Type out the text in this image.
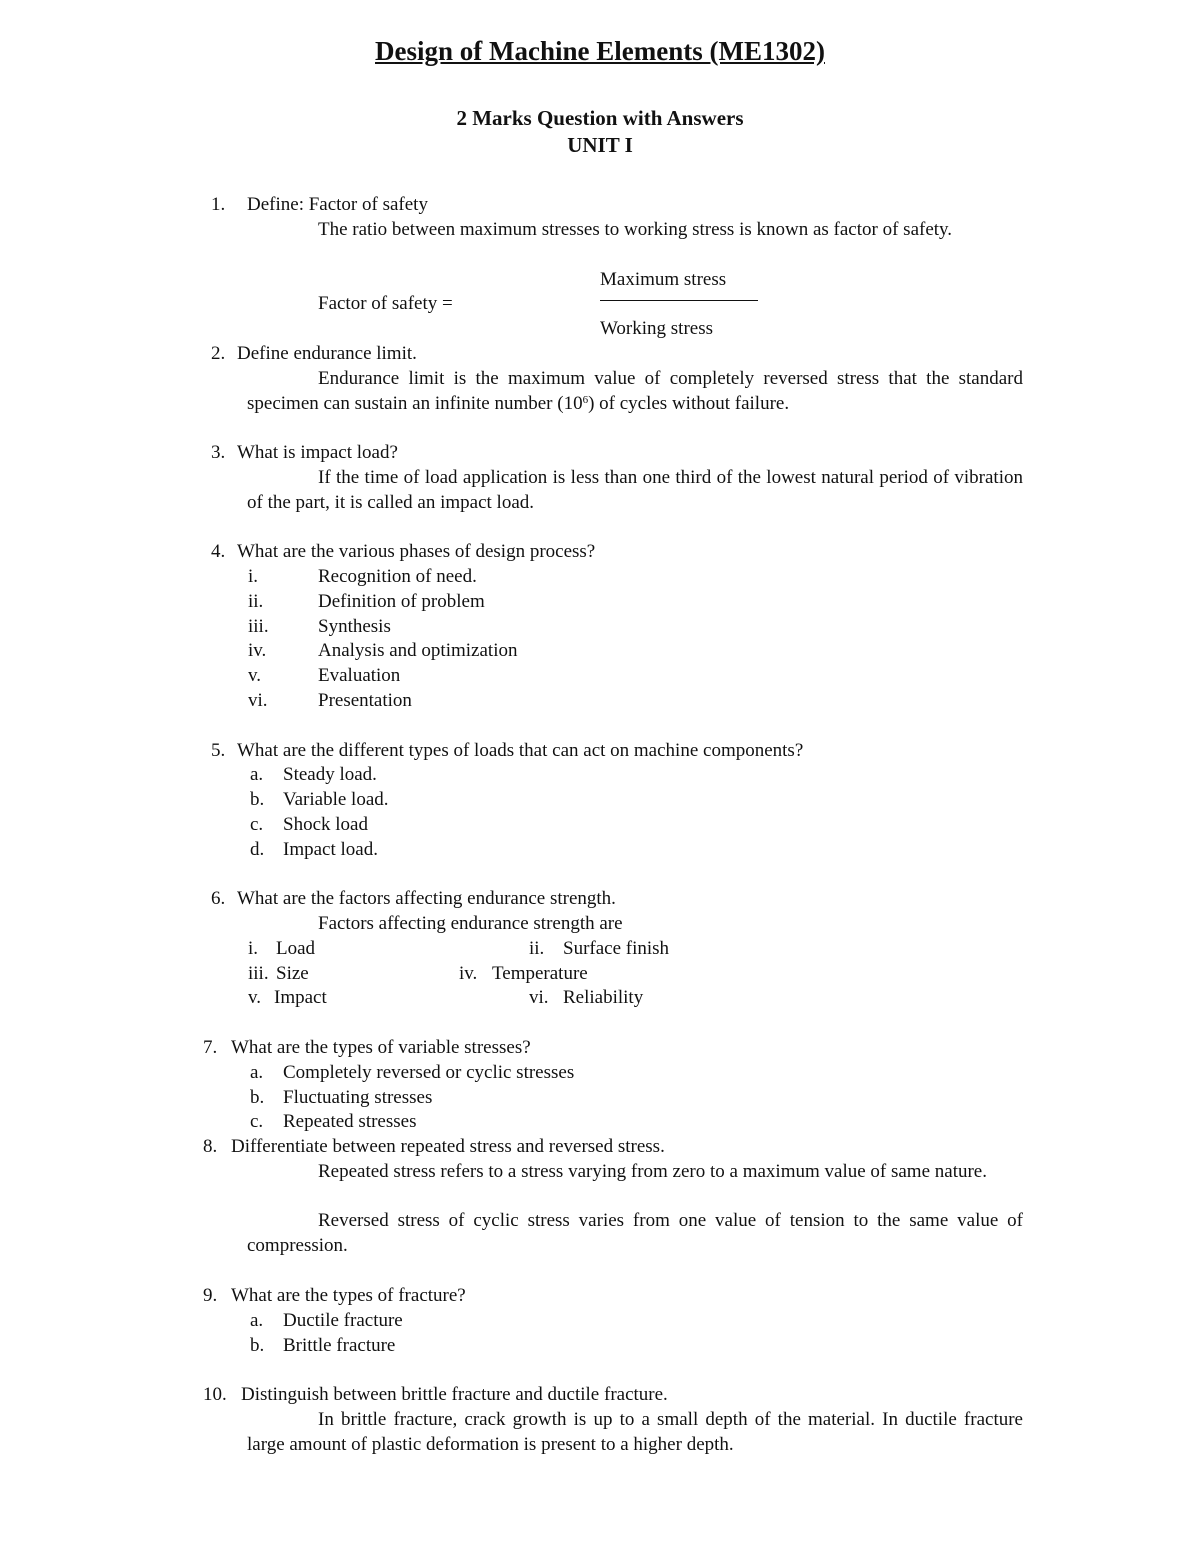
Design of Machine Elements (ME1302)
2 Marks Question with Answers
UNIT I
1. Define: Factor of safety
The ratio between maximum stresses to working stress is known as factor of safety.
Maximum stress
Factor of safety =
Working stress
2. Define endurance limit.
Endurance limit is the maximum value of completely reversed stress that the standard specimen can sustain an infinite number $(10^6)$ of cycles without failure.
3. What is impact load?
If the time of load application is less than one third of the lowest natural period of vibration of the part, it is called an impact load.
4. What are the various phases of design process?
i.	Recognition of need.
ii.	Definition of problem
iii.	Synthesis
iv.	Analysis and optimization
v.	Evaluation
vi.	Presentation
5. What are the different types of loads that can act on machine components?
a. Steady load.
b. Variable load.
c. Shock load
d. Impact load.
6. What are the factors affecting endurance strength.
Factors affecting endurance strength are
i. Load	ii. Surface finish
iii. Size	iv. Temperature
v. Impact	vi. Reliability
7. What are the types of variable stresses?
a. Completely reversed or cyclic stresses
b. Fluctuating stresses
c. Repeated stresses
8. Differentiate between repeated stress and reversed stress.
Repeated stress refers to a stress varying from zero to a maximum value of same nature.
Reversed stress of cyclic stress varies from one value of tension to the same value of compression.
9. What are the types of fracture?
a. Ductile fracture
b. Brittle fracture
10. Distinguish between brittle fracture and ductile fracture.
In brittle fracture, crack growth is up to a small depth of the material. In ductile fracture large amount of plastic deformation is present to a higher depth.
